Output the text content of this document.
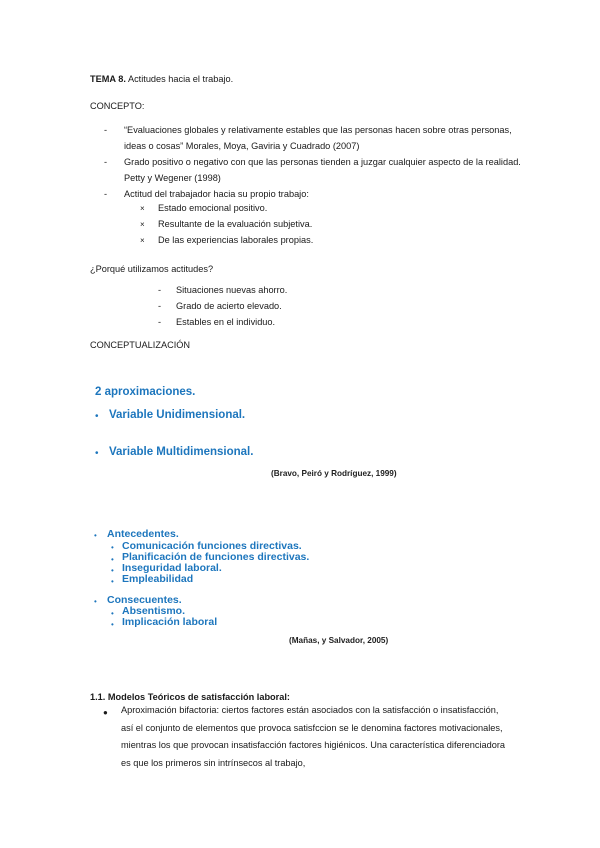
TEMA 8. Actitudes hacia el trabajo.
CONCEPTO:
- “Evaluaciones globales y relativamente estables que las personas hacen sobre otras personas, ideas o cosas” Morales, Moya, Gaviria y Cuadrado (2007)
- Grado positivo o negativo con que las personas tienden a juzgar cualquier aspecto de la realidad. Petty y Wegener (1998)
- Actitud del trabajador hacia su propio trabajo:
× Estado emocional positivo.
× Resultante de la evaluación subjetiva.
× De las experiencias laborales propias.
¿Porqué utilizamos actitudes?
- Situaciones nuevas ahorro.
- Grado de acierto elevado.
- Estables en el individuo.
CONCEPTUALIZACIÓN
2 aproximaciones.
• Variable Unidimensional.
• Variable Multidimensional.
(Bravo, Peiró y Rodríguez, 1999)
• Antecedentes.
• Comunicación funciones directivas.
• Planificación de funciones directivas.
• Inseguridad laboral.
• Empleabilidad
• Consecuentes.
• Absentismo.
• Implicación laboral
(Mañas, y Salvador, 2005)
1.1. Modelos Teóricos de satisfacción laboral:
● Aproximación bifactoria: ciertos factores están asociados con la satisfacción o insatisfacción, así el conjunto de elementos que provoca satisfccion se le denomina factores motivacionales, mientras los que provocan insatisfacción factores higiénicos. Una característica diferenciadora es que los primeros sin intrínsecos al trabajo,
